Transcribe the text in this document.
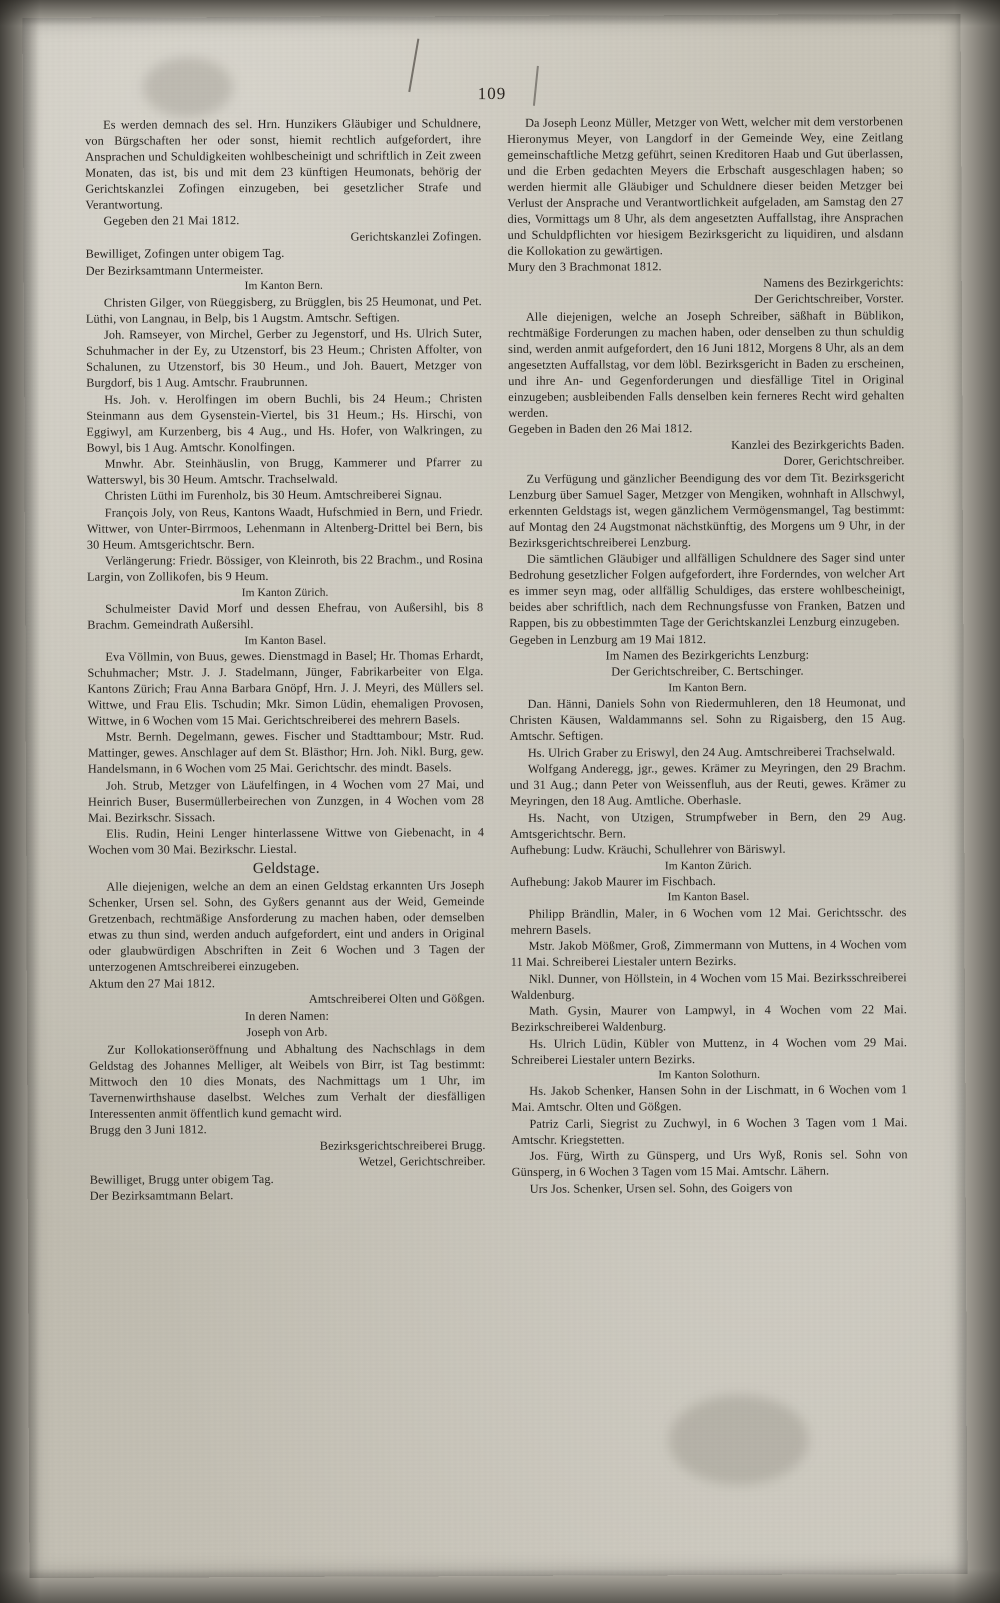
109

Es werden demnach des sel. Hrn. Hunzikers Gläubiger und Schuldnere, von Bürgschaften her oder sonst, hiemit rechtlich aufgefordert, ihre Ansprachen und Schuldigkeiten wohlbescheinigt und schriftlich in Zeit zween Monaten, das ist, bis und mit dem 23 künftigen Heumonats, behörig der Gerichtskanzlei Zofingen einzugeben, bei gesetzlicher Strafe und Verantwortung.

Gegeben den 21 Mai 1812.

Gerichtskanzlei Zofingen.

Bewilliget, Zofingen unter obigem Tag.

Der Bezirksamtmann Untermeister.

Im Kanton Bern.

Christen Gilger, von Rüeggisberg, zu Brügglen, bis 25 Heumonat, und Pet. Lüthi, von Langnau, in Belp, bis 1 Augstm. Amtschr. Seftigen.

Joh. Ramseyer, von Mirchel, Gerber zu Jegenstorf, und Hs. Ulrich Suter, Schuhmacher in der Ey, zu Utzenstorf, bis 23 Heum.; Christen Affolter, von Schalunen, zu Utzenstorf, bis 30 Heum., und Joh. Bauert, Metzger von Burgdorf, bis 1 Aug. Amtschr. Fraubrunnen.

Hs. Joh. v. Herolfingen im obern Buchli, bis 24 Heum.; Christen Steinmann aus dem Gysenstein-Viertel, bis 31 Heum.; Hs. Hirschi, von Eggiwyl, am Kurzenberg, bis 4 Aug., und Hs. Hofer, von Walkringen, zu Bowyl, bis 1 Aug. Amtschr. Konolfingen.

Mnwhr. Abr. Steinhäuslin, von Brugg, Kammerer und Pfarrer zu Watterswyl, bis 30 Heum. Amtschr. Trachselwald.

Christen Lüthi im Furenholz, bis 30 Heum. Amtschreiberei Signau.

François Joly, von Reus, Kantons Waadt, Hufschmied in Bern, und Friedr. Wittwer, von Unter-Birrmoos, Lehenmann in Altenberg-Drittel bei Bern, bis 30 Heum. Amtsgerichtschr. Bern.

Verlängerung: Friedr. Bössiger, von Kleinroth, bis 22 Brachm., und Rosina Largin, von Zollikofen, bis 9 Heum.

Im Kanton Zürich.

Schulmeister David Morf und dessen Ehefrau, von Außersihl, bis 8 Brachm. Gemeindrath Außersihl.

Im Kanton Basel.

Eva Völlmin, von Buus, gewes. Dienstmagd in Basel; Hr. Thomas Erhardt, Schuhmacher; Mstr. J. J. Stadelmann, Jünger, Fabrikarbeiter von Elga. Kantons Zürich; Frau Anna Barbara Gnöpf, Hrn. J. J. Meyri, des Müllers sel. Wittwe, und Frau Elis. Tschudin; Mkr. Simon Lüdin, ehemaligen Provosen, Wittwe, in 6 Wochen vom 15 Mai. Gerichtschreiberei des mehrern Basels.

Mstr. Bernh. Degelmann, gewes. Fischer und Stadttambour; Mstr. Rud. Mattinger, gewes. Anschlager auf dem St. Blästhor; Hrn. Joh. Nikl. Burg, gew. Handelsmann, in 6 Wochen vom 25 Mai. Gerichtschr. des mindt. Basels.

Joh. Strub, Metzger von Läufelfingen, in 4 Wochen vom 27 Mai, und Heinrich Buser, Busermüllerbeirechen von Zunzgen, in 4 Wochen vom 28 Mai. Bezirkschr. Sissach.

Elis. Rudin, Heini Lenger hinterlassene Wittwe von Giebenacht, in 4 Wochen vom 30 Mai. Bezirkschr. Liestal.

Geldstage.

Alle diejenigen, welche an dem an einen Geldstag erkannten Urs Joseph Schenker, Ursen sel. Sohn, des Gyßers genannt aus der Weid, Gemeinde Gretzenbach, rechtmäßige Ansforderung zu machen haben, oder demselben etwas zu thun sind, werden anduch aufgefordert, eint und anders in Original oder glaubwürdigen Abschriften in Zeit 6 Wochen und 3 Tagen der unterzogenen Amtschreiberei einzugeben.

Aktum den 27 Mai 1812.

Amtschreiberei Olten und Gößgen.

In deren Namen:

Joseph von Arb.

Zur Kollokationseröffnung und Abhaltung des Nachschlags in dem Geldstag des Johannes Melliger, alt Weibels von Birr, ist Tag bestimmt: Mittwoch den 10 dies Monats, des Nachmittags um 1 Uhr, im Tavernenwirthshause daselbst. Welches zum Verhalt der diesfälligen Interessenten anmit öffentlich kund gemacht wird.

Brugg den 3 Juni 1812.

Bezirksgerichtschreiberei Brugg.

Wetzel, Gerichtschreiber.

Bewilliget, Brugg unter obigem Tag.

Der Bezirksamtmann Belart.

Da Joseph Leonz Müller, Metzger von Wett, welcher mit dem verstorbenen Hieronymus Meyer, von Langdorf in der Gemeinde Wey, eine Zeitlang gemeinschaftliche Metzg geführt, seinen Kreditoren Haab und Gut überlassen, und die Erben gedachten Meyers die Erbschaft ausgeschlagen haben; so werden hiermit alle Gläubiger und Schuldnere dieser beiden Metzger bei Verlust der Ansprache und Verantwortlichkeit aufgeladen, am Samstag den 27 dies, Vormittags um 8 Uhr, als dem angesetzten Auffallstag, ihre Ansprachen und Schuldpflichten vor hiesigem Bezirksgericht zu liquidiren, und alsdann die Kollokation zu gewärtigen.

Mury den 3 Brachmonat 1812.

Namens des Bezirkgerichts:

Der Gerichtschreiber, Vorster.

Alle diejenigen, welche an Joseph Schreiber, säßhaft in Büblikon, rechtmäßige Forderungen zu machen haben, oder denselben zu thun schuldig sind, werden anmit aufgefordert, den 16 Juni 1812, Morgens 8 Uhr, als an dem angesetzten Auffallstag, vor dem löbl. Bezirksgericht in Baden zu erscheinen, und ihre An- und Gegenforderungen und diesfällige Titel in Original einzugeben; ausbleibenden Falls denselben kein ferneres Recht wird gehalten werden.

Gegeben in Baden den 26 Mai 1812.

Kanzlei des Bezirkgerichts Baden.

Dorer, Gerichtschreiber.

Zu Verfügung und gänzlicher Beendigung des vor dem Tit. Bezirksgericht Lenzburg über Samuel Sager, Metzger von Mengiken, wohnhaft in Allschwyl, erkennten Geldstags ist, wegen gänzlichem Vermögensmangel, Tag bestimmt: auf Montag den 24 Augstmonat nächstkünftig, des Morgens um 9 Uhr, in der Bezirksgerichtschreiberei Lenzburg.

Die sämtlichen Gläubiger und allfälligen Schuldnere des Sager sind unter Bedrohung gesetzlicher Folgen aufgefordert, ihre Forderndes, von welcher Art es immer seyn mag, oder allfällig Schuldiges, das erstere wohlbescheinigt, beides aber schriftlich, nach dem Rechnungsfusse von Franken, Batzen und Rappen, bis zu obbestimmten Tage der Gerichtskanzlei Lenzburg einzugeben.

Gegeben in Lenzburg am 19 Mai 1812.

Im Namen des Bezirkgerichts Lenzburg:

Der Gerichtschreiber, C. Bertschinger.

Im Kanton Bern.

Dan. Hänni, Daniels Sohn von Riedermuhleren, den 18 Heumonat, und Christen Käusen, Waldammanns sel. Sohn zu Rigaisberg, den 15 Aug. Amtschr. Seftigen.

Hs. Ulrich Graber zu Eriswyl, den 24 Aug. Amtschreiberei Trachselwald.

Wolfgang Anderegg, jgr., gewes. Krämer zu Meyringen, den 29 Brachm. und 31 Aug.; dann Peter von Weissenfluh, aus der Reuti, gewes. Krämer zu Meyringen, den 18 Aug. Amtliche. Oberhasle.

Hs. Nacht, von Utzigen, Strumpfweber in Bern, den 29 Aug. Amtsgerichtschr. Bern.

Aufhebung: Ludw. Kräuchi, Schullehrer von Bäriswyl.

Im Kanton Zürich.

Aufhebung: Jakob Maurer im Fischbach.

Im Kanton Basel.

Philipp Brändlin, Maler, in 6 Wochen vom 12 Mai. Gerichtsschr. des mehrern Basels.

Mstr. Jakob Mößmer, Groß, Zimmermann von Muttens, in 4 Wochen vom 11 Mai. Schreiberei Liestaler untern Bezirks.

Nikl. Dunner, von Höllstein, in 4 Wochen vom 15 Mai. Bezirksschreiberei Waldenburg.

Math. Gysin, Maurer von Lampwyl, in 4 Wochen vom 22 Mai. Bezirkschreiberei Waldenburg.

Hs. Ulrich Lüdin, Kübler von Muttenz, in 4 Wochen vom 29 Mai. Schreiberei Liestaler untern Bezirks.

Im Kanton Solothurn.

Hs. Jakob Schenker, Hansen Sohn in der Lischmatt, in 6 Wochen vom 1 Mai. Amtschr. Olten und Gößgen.

Patriz Carli, Siegrist zu Zuchwyl, in 6 Wochen 3 Tagen vom 1 Mai. Amtschr. Kriegstetten.

Jos. Fürg, Wirth zu Günsperg, und Urs Wyß, Ronis sel. Sohn von Günsperg, in 6 Wochen 3 Tagen vom 15 Mai. Amtschr. Lähern.

Urs Jos. Schenker, Ursen sel. Sohn, des Goigers von
